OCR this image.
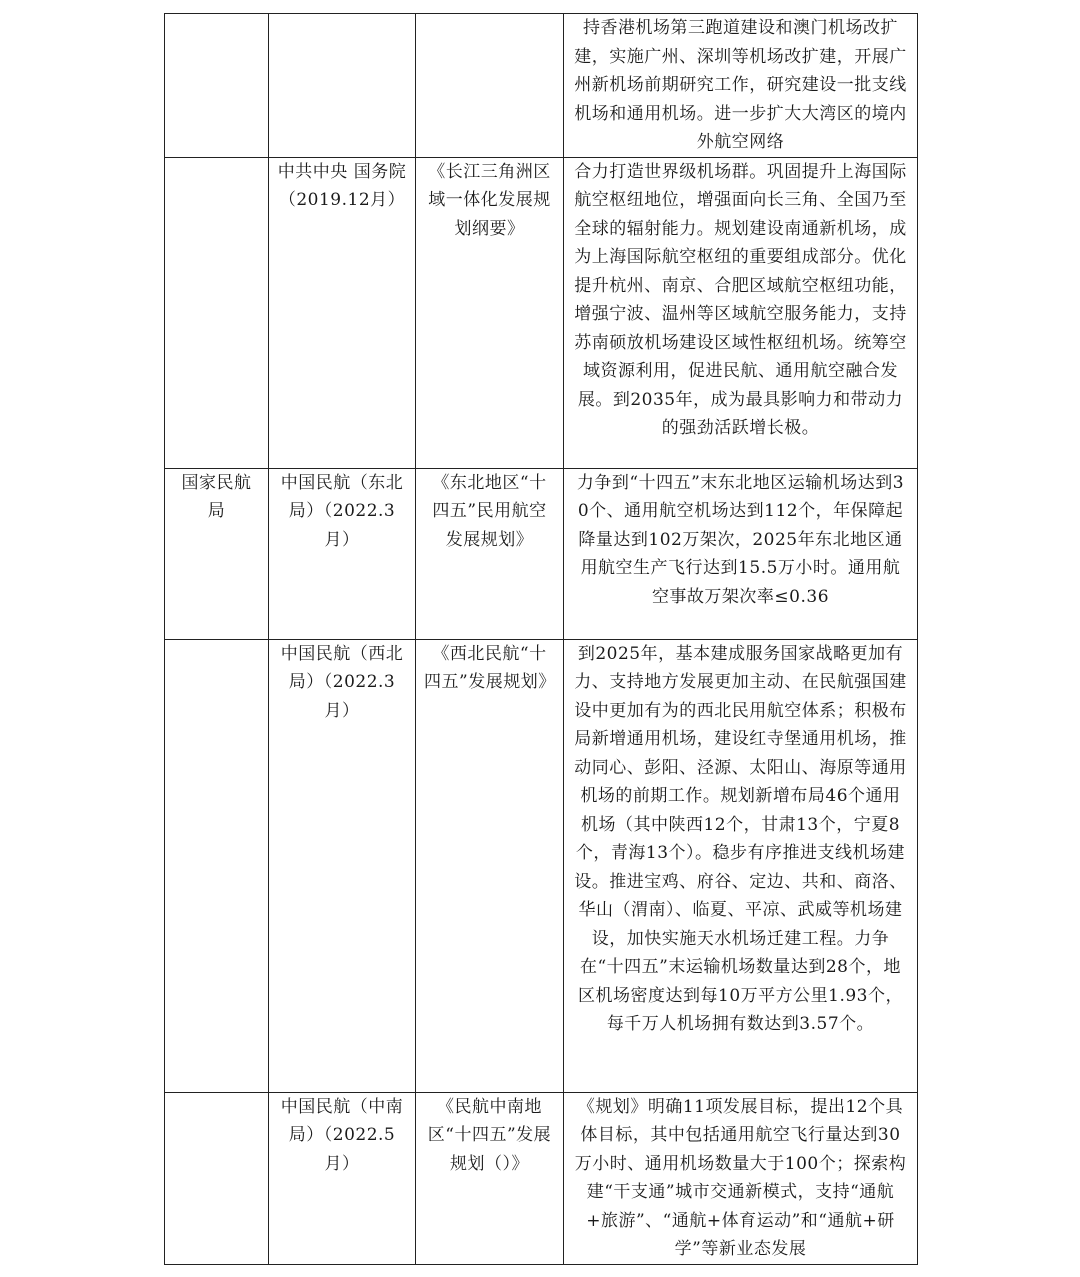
			持香港机场第三跑道建设和澳门机场改扩建，实施广州、深圳等机场改扩建，开展广州新机场前期研究工作，研究建设一批支线机场和通用机场。进一步扩大大湾区的境内外航空网络

	中共中央 国务院（2019.12月）	《长江三角洲区域一体化发展规划纲要》	合力打造世界级机场群。巩固提升上海国际航空枢纽地位，增强面向长三角、全国乃至全球的辐射能力。规划建设南通新机场，成为上海国际航空枢纽的重要组成部分。优化提升杭州、南京、合肥区域航空枢纽功能，增强宁波、温州等区域航空服务能力，支持苏南硕放机场建设区域性枢纽机场。统筹空域资源利用，促进民航、通用航空融合发展。到2035年，成为最具影响力和带动力的强劲活跃增长极。

国家民航局	中国民航（东北局）（2022.3月）	《东北地区“十四五”民用航空发展规划》	力争到“十四五”末东北地区运输机场达到30个、通用航空机场达到112个，年保障起降量达到102万架次，2025年东北地区通用航空生产飞行达到15.5万小时。通用航空事故万架次率≤0.36

	中国民航（西北局）（2022.3月）	《西北民航“十四五”发展规划》	到2025年，基本建成服务国家战略更加有力、支持地方发展更加主动、在民航强国建设中更加有为的西北民用航空体系；积极布局新增通用机场，建设红寺堡通用机场，推动同心、彭阳、泾源、太阳山、海原等通用机场的前期工作。规划新增布局46个通用机场（其中陕西12个，甘肃13个，宁夏8个，青海13个）。稳步有序推进支线机场建设。推进宝鸡、府谷、定边、共和、商洛、华山（渭南）、临夏、平凉、武威等机场建设，加快实施天水机场迁建工程。力争在“十四五”末运输机场数量达到28个，地区机场密度达到每10万平方公里1.93个，每千万人机场拥有数达到3.57个。

	中国民航（中南局）（2022.5月）	《民航中南地区“十四五”发展规划（）》	《规划》明确11项发展目标，提出12个具体目标，其中包括通用航空飞行量达到30万小时、通用机场数量大于100个；探索构建“干支通”城市交通新模式，支持“通航+旅游”、“通航+体育运动”和“通航+研学”等新业态发展
